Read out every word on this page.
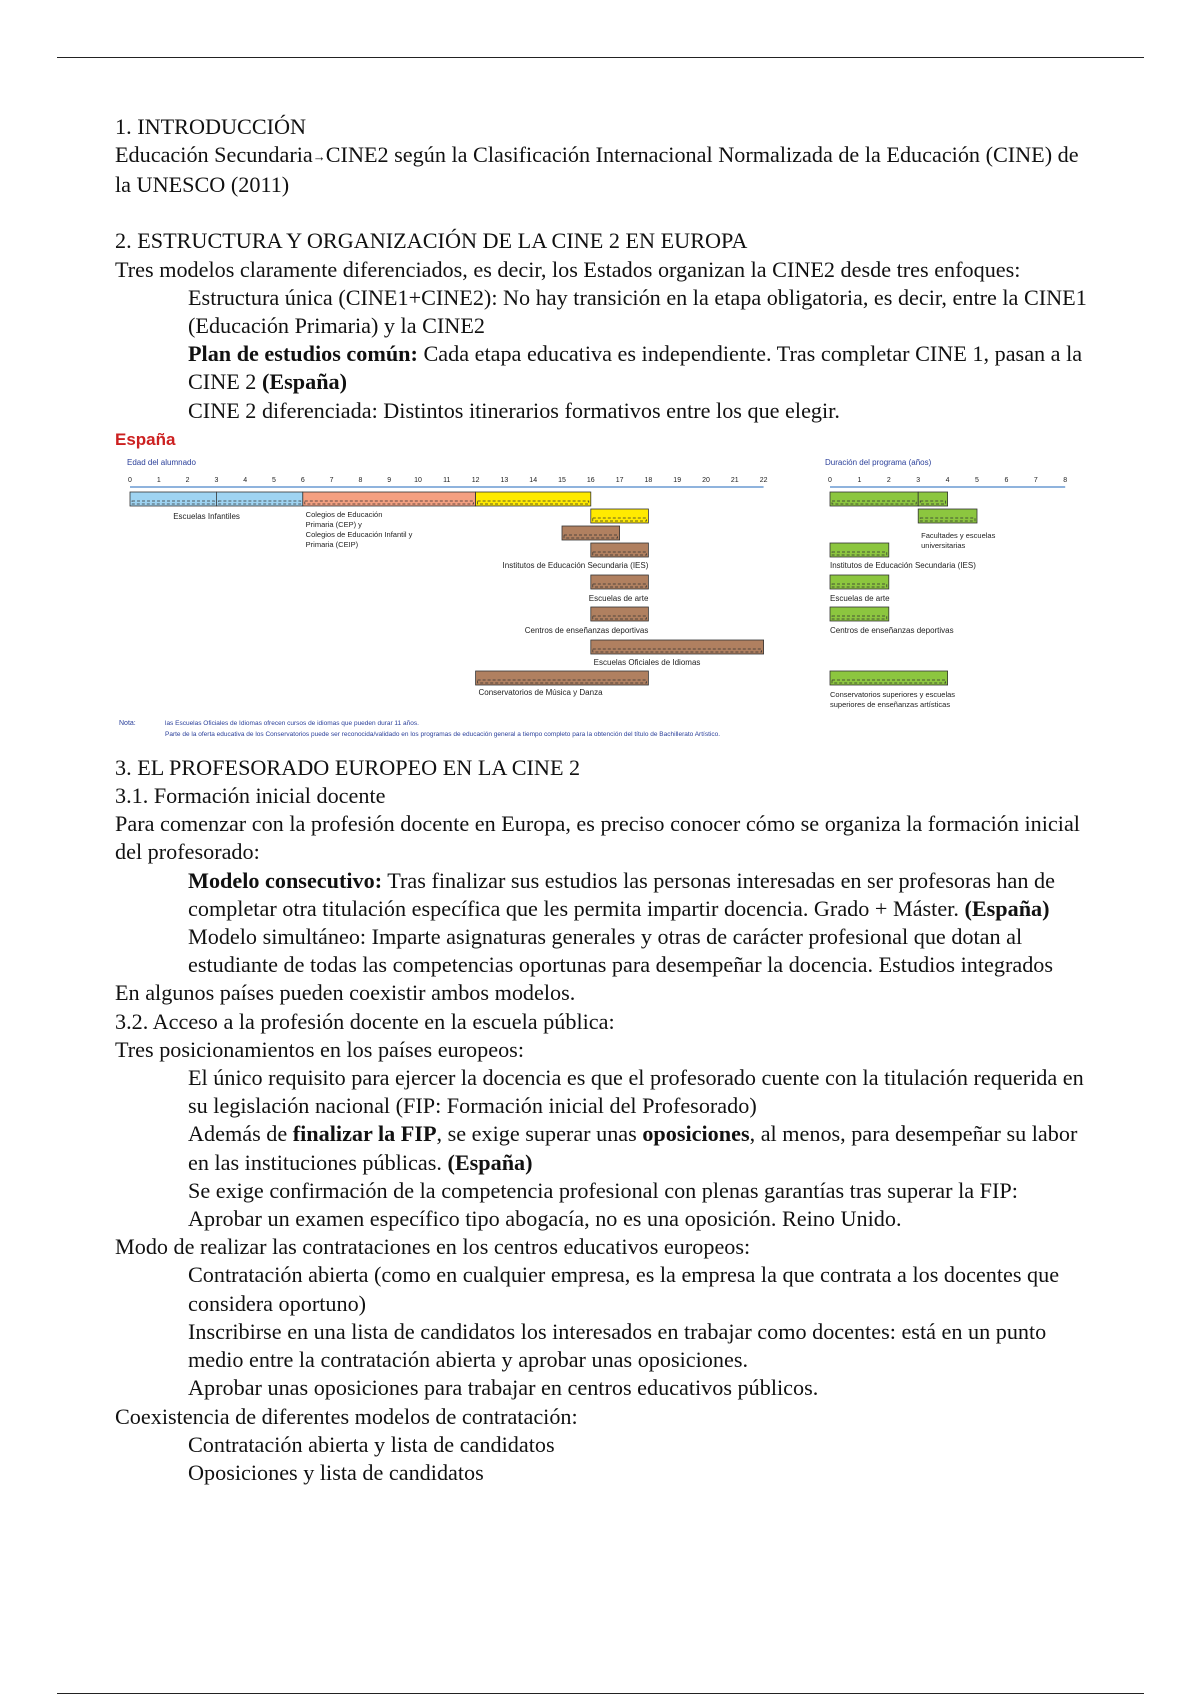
1. INTRODUCCIÓN

Educación Secundaria→CINE2 según la Clasificación Internacional Normalizada de la Educación (CINE) de la UNESCO (2011)

2. ESTRUCTURA Y ORGANIZACIÓN DE LA CINE 2 EN EUROPA

Tres modelos claramente diferenciados, es decir, los Estados organizan la CINE2 desde tres enfoques:

Estructura única (CINE1+CINE2): No hay transición en la etapa obligatoria, es decir, entre la CINE1 (Educación Primaria) y la CINE2

Plan de estudios común: Cada etapa educativa es independiente. Tras completar CINE 1, pasan a la CINE 2 (España)

CINE 2 diferenciada: Distintos itinerarios formativos entre los que elegir.

España
Edad del alumnado
0	1	2	3	4	5	6	7	8	9	10	11	12	13	14	15	16	17	18	19	20	21	22
Duración del programa (años)
0	1	2	3	4	5	6	7	8
Escuelas Infantiles	Colegios de Educación
Primaria (CEP) y
Colegios de Educación Infantil y
Primaria (CEIP)
Institutos de Educación Secundaria (IES)
Escuelas de arte
Centros de enseñanzas deportivas
Escuelas Oficiales de Idiomas
Conservatorios de Música y Danza
Facultades y escuelas
universitarias
Institutos de Educación Secundaria (IES)
Escuelas de arte
Centros de enseñanzas deportivas
Conservatorios superiores y escuelas
superiores de enseñanzas artísticas
Nota:	las Escuelas Oficiales de Idiomas ofrecen cursos de idiomas que pueden durar 11 años.
Parte de la oferta educativa de los Conservatorios puede ser reconocida/validado en los programas de educación general a tiempo completo para la obtención del título de Bachillerato Artístico.

3. EL PROFESORADO EUROPEO EN LA CINE 2

3.1. Formación inicial docente

Para comenzar con la profesión docente en Europa, es preciso conocer cómo se organiza la formación inicial del profesorado:

Modelo consecutivo: Tras finalizar sus estudios las personas interesadas en ser profesoras han de completar otra titulación específica que les permita impartir docencia. Grado + Máster. (España)

Modelo simultáneo: Imparte asignaturas generales y otras de carácter profesional que dotan al estudiante de todas las competencias oportunas para desempeñar la docencia. Estudios integrados

En algunos países pueden coexistir ambos modelos.

3.2. Acceso a la profesión docente en la escuela pública:

Tres posicionamientos en los países europeos:

El único requisito para ejercer la docencia es que el profesorado cuente con la titulación requerida en su legislación nacional (FIP: Formación inicial del Profesorado)

Además de finalizar la FIP, se exige superar unas oposiciones, al menos, para desempeñar su labor en las instituciones públicas. (España)

Se exige confirmación de la competencia profesional con plenas garantías tras superar la FIP: Aprobar un examen específico tipo abogacía, no es una oposición. Reino Unido.

Modo de realizar las contrataciones en los centros educativos europeos:

Contratación abierta (como en cualquier empresa, es la empresa la que contrata a los docentes que considera oportuno)

Inscribirse en una lista de candidatos los interesados en trabajar como docentes: está en un punto medio entre la contratación abierta y aprobar unas oposiciones.

Aprobar unas oposiciones para trabajar en centros educativos públicos.

Coexistencia de diferentes modelos de contratación:

Contratación abierta y lista de candidatos

Oposiciones y lista de candidatos
